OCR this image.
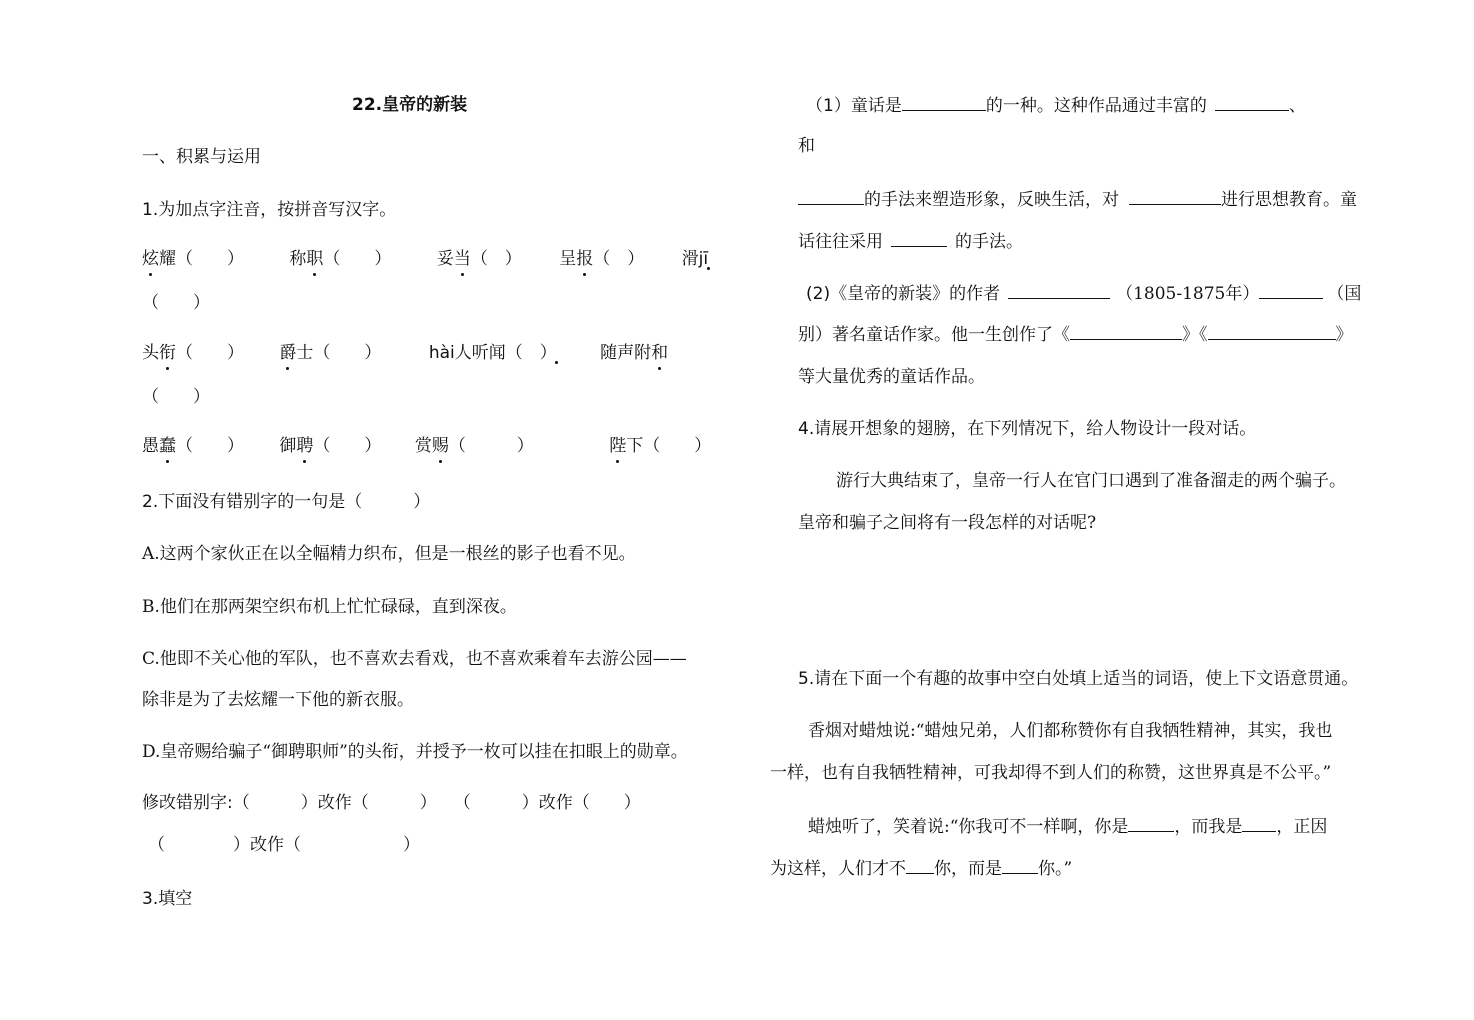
22.皇帝的新装
一、积累与运用
1.为加点字注音，按拼音写汉字。
炫耀（　　）	称职（　　）	妥当（　） 呈报（　） 滑jī
（　　）
头衔（　　） 爵士（　　）	hài人听闻（　）	随声附和
（　　）
愚蠢（　　） 御聘（　　） 赏赐（　　　）	陛下（　　）
2.下面没有错别字的一句是（　　　）
A.这两个家伙正在以全幅精力织布，但是一根丝的影子也看不见。
B.他们在那两架空织布机上忙忙碌碌，直到深夜。
C.他即不关心他的军队，也不喜欢去看戏，也不喜欢乘着车去游公园——
除非是为了去炫耀一下他的新衣服。
D.皇帝赐给骗子“御聘职师”的头衔，并授予一枚可以挂在扣眼上的勋章。
修改错别字:（　　　）改作（　　　）　　（　　　）改作（　　）
（　　　　）改作（　　　　　　）
3.填空
（1）童话是	的一种。这种作品通过丰富的	、
和
的手法来塑造形象，反映生活，对	进行思想教育。童
话往往采用	的手法。
(2)《皇帝的新装》的作者	（1805-1875年）	（国
别）著名童话作家。他一生创作了《	》《	》
等大量优秀的童话作品。
4.请展开想象的翅膀，在下列情况下，给人物设计一段对话。
游行大典结束了，皇帝一行人在官门口遇到了准备溜走的两个骗子。
皇帝和骗子之间将有一段怎样的对话呢?
5.请在下面一个有趣的故事中空白处填上适当的词语，使上下文语意贯通。
香烟对蜡烛说:“蜡烛兄弟，人们都称赞你有自我牺牲精神，其实，我也
一样，也有自我牺牲精神，可我却得不到人们的称赞，这世界真是不公平。”
蜡烛听了，笑着说:“你我可不一样啊，你是	，而我是 ，正因
为这样，人们才不 你，而是 你。”
